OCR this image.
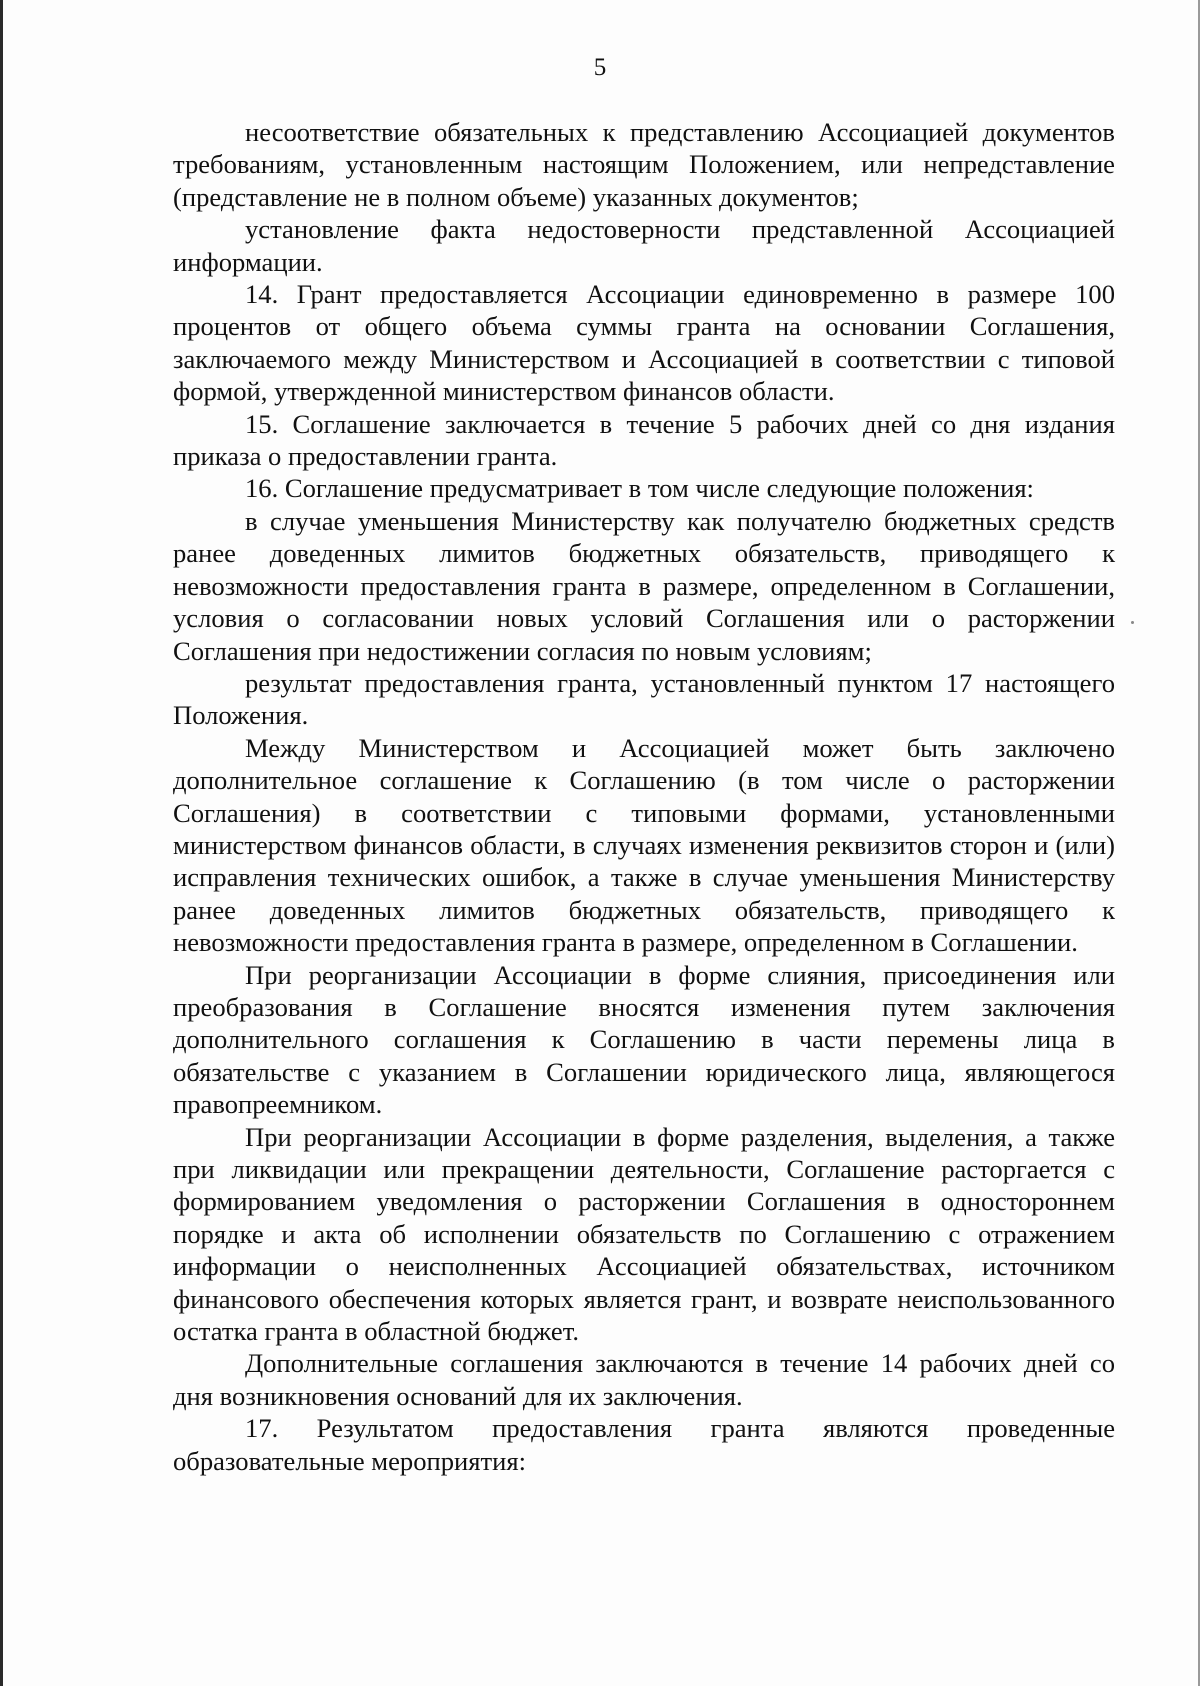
5

несоответствие обязательных к представлению Ассоциацией документов требованиям, установленным настоящим Положением, или непредставление (представление не в полном объеме) указанных документов;

установление факта недостоверности представленной Ассоциацией информации.

14. Грант предоставляется Ассоциации единовременно в размере 100 процентов от общего объема суммы гранта на основании Соглашения, заключаемого между Министерством и Ассоциацией в соответствии с типовой формой, утвержденной министерством финансов области.

15. Соглашение заключается в течение 5 рабочих дней со дня издания приказа о предоставлении гранта.

16. Соглашение предусматривает в том числе следующие положения:

в случае уменьшения Министерству как получателю бюджетных средств ранее доведенных лимитов бюджетных обязательств, приводящего к невозможности предоставления гранта в размере, определенном в Соглашении, условия о согласовании новых условий Соглашения или о расторжении Соглашения при недостижении согласия по новым условиям;

результат предоставления гранта, установленный пунктом 17 настоящего Положения.

Между Министерством и Ассоциацией может быть заключено дополнительное соглашение к Соглашению (в том числе о расторжении Соглашения) в соответствии с типовыми формами, установленными министерством финансов области, в случаях изменения реквизитов сторон и (или) исправления технических ошибок, а также в случае уменьшения Министерству ранее доведенных лимитов бюджетных обязательств, приводящего к невозможности предоставления гранта в размере, определенном в Соглашении.

При реорганизации Ассоциации в форме слияния, присоединения или преобразования в Соглашение вносятся изменения путем заключения дополнительного соглашения к Соглашению в части перемены лица в обязательстве с указанием в Соглашении юридического лица, являющегося правопреемником.

При реорганизации Ассоциации в форме разделения, выделения, а также при ликвидации или прекращении деятельности, Соглашение расторгается с формированием уведомления о расторжении Соглашения в одностороннем порядке и акта об исполнении обязательств по Соглашению с отражением информации о неисполненных Ассоциацией обязательствах, источником финансового обеспечения которых является грант, и возврате неиспользованного остатка гранта в областной бюджет.

Дополнительные соглашения заключаются в течение 14 рабочих дней со дня возникновения оснований для их заключения.

17. Результатом предоставления гранта являются проведенные образовательные мероприятия:
